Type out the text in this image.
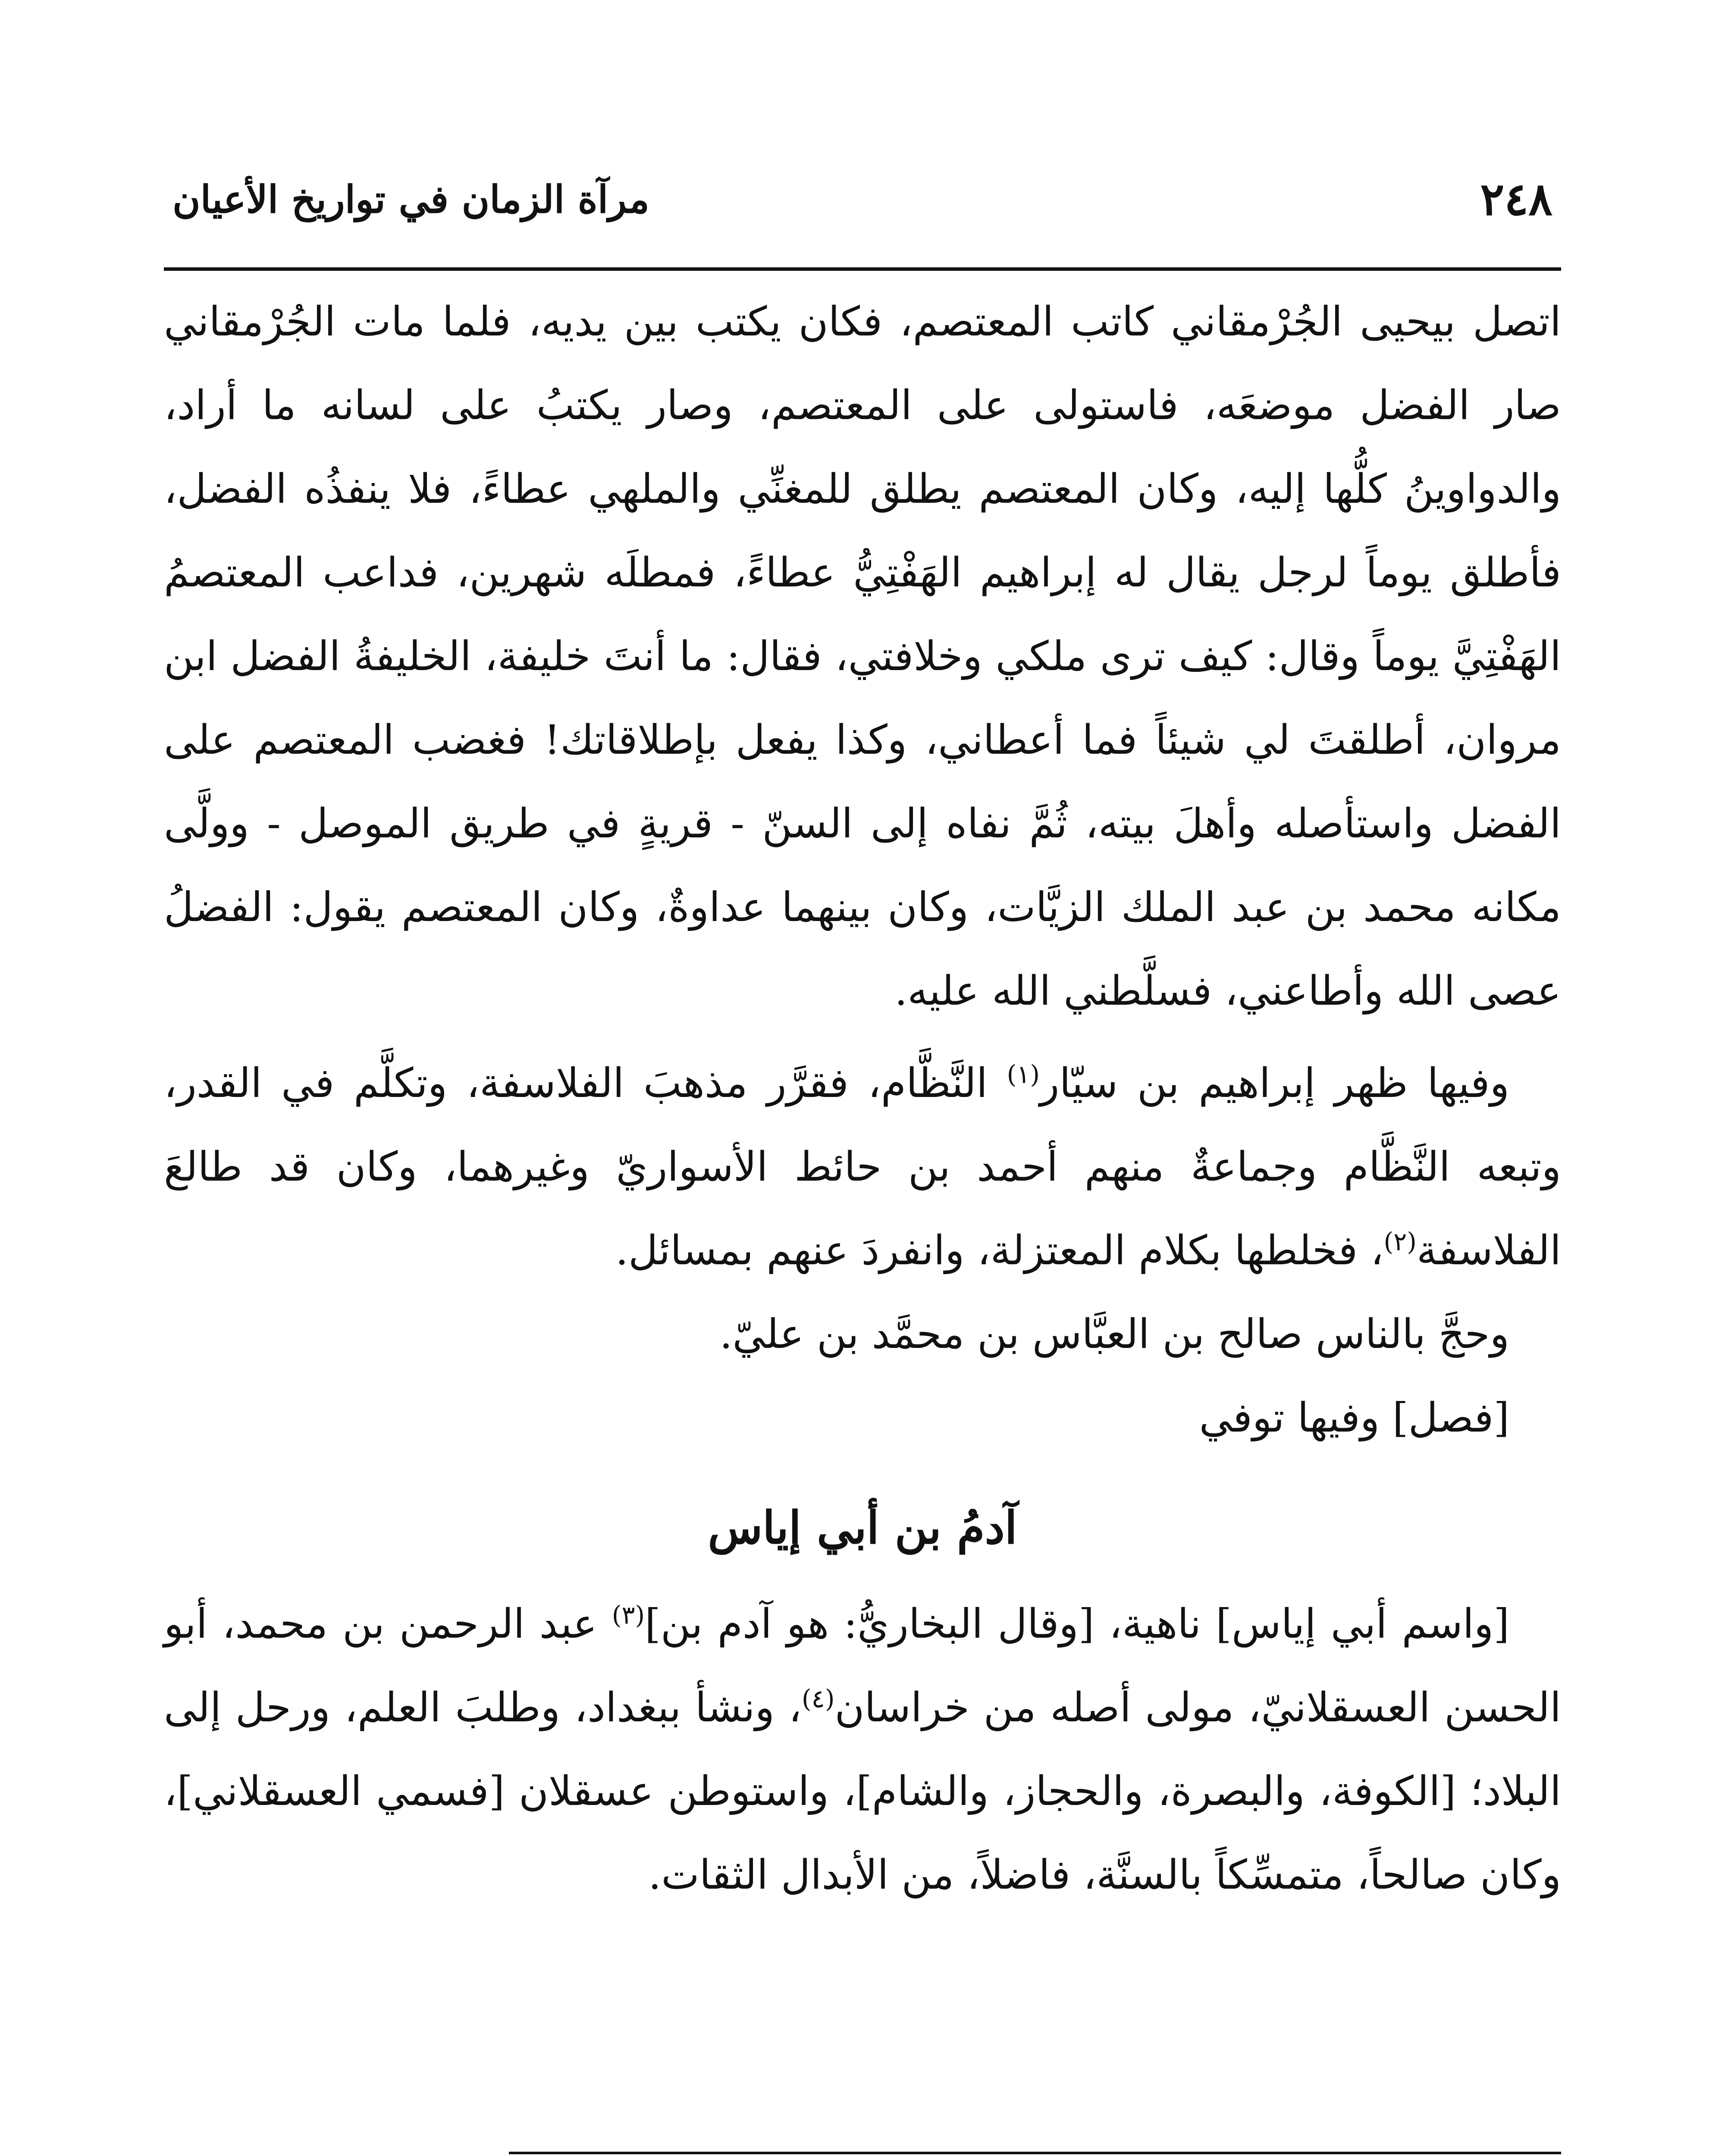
٢٤٨
مرآة الزمان في تواريخ الأعيان

اتصل بيحيى الجُرْمقاني كاتب المعتصم، فكان يكتب بين يديه، فلما مات الجُرْمقاني صار الفضل موضعَه، فاستولى على المعتصم، وصار يكتبُ على لسانه ما أراد، والدواوينُ كلُّها إليه، وكان المعتصم يطلق للمغنِّي والملهي عطاءً، فلا ينفذُه الفضل، فأطلق يوماً لرجل يقال له إبراهيم الهَفْتِيُّ عطاءً، فمطلَه شهرين، فداعب المعتصمُ الهَفْتِيَّ يوماً وقال: كيف ترى ملكي وخلافتي، فقال: ما أنتَ خليفة، الخليفةُ الفضل ابن مروان، أطلقتَ لي شيئاً فما أعطاني، وكذا يفعل بإطلاقاتك! فغضب المعتصم على الفضل واستأصله وأهلَ بيته، ثُمَّ نفاه إلى السنّ - قريةٍ في طريق الموصل - وولَّى مكانه محمد بن عبد الملك الزيَّات، وكان بينهما عداوةٌ، وكان المعتصم يقول: الفضلُ عصى الله وأطاعني، فسلَّطني الله عليه.

وفيها ظهر إبراهيم بن سيّار$^{(١)}$ النَّظَّام، فقرَّر مذهبَ الفلاسفة، وتكلَّم في القدر، وتبعه النَّظَّام وجماعةٌ منهم أحمد بن حائط الأسواريّ وغيرهما، وكان قد طالعَ الفلاسفة$^{(٢)}$، فخلطها بكلام المعتزلة، وانفردَ عنهم بمسائل.

وحجَّ بالناس صالح بن العبَّاس بن محمَّد بن عليّ.

[فصل] وفيها توفي

آدمُ بن أبي إياس

[واسم أبي إياس] ناهية، [وقال البخاريُّ: هو آدم بن]$^{(٣)}$ عبد الرحمن بن محمد، أبو الحسن العسقلانيّ، مولى أصله من خراسان$^{(٤)}$، ونشأ ببغداد، وطلبَ العلم، ورحل إلى البلاد؛ [الكوفة، والبصرة، والحجاز، والشام]، واستوطن عسقلان [فسمي العسقلاني]، وكان صالحاً، متمسِّكاً بالسنَّة، فاضلاً، من الأبدال الثقات.
